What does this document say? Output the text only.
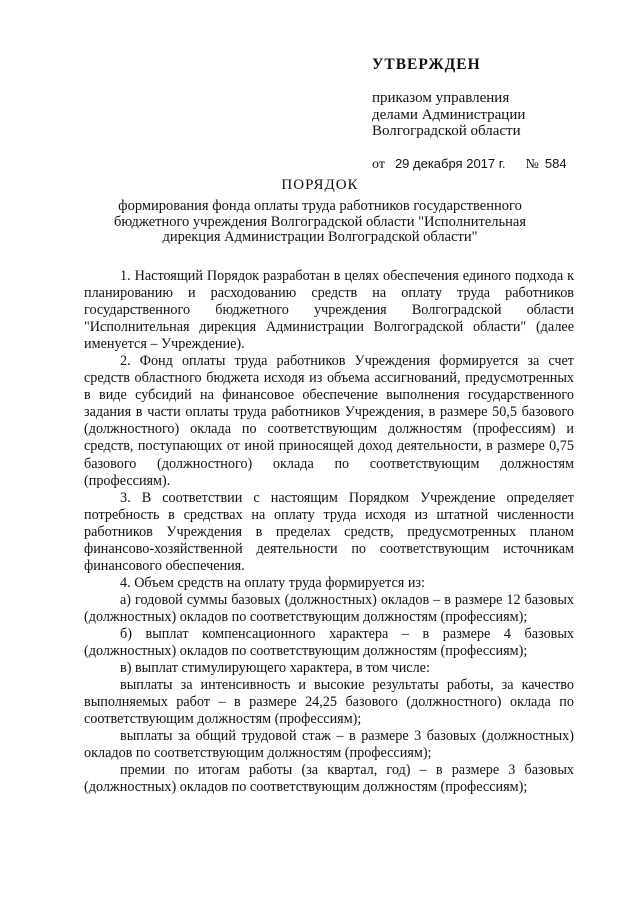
УТВЕРЖДЕН
приказом управления
делами Администрации
Волгоградской области
от 29 декабря 2017 г. № 584
ПОРЯДОК
формирования фонда оплаты труда работников государственного бюджетного учреждения Волгоградской области "Исполнительная дирекция Администрации Волгоградской области"

1. Настоящий Порядок разработан в целях обеспечения единого подхода к планированию и расходованию средств на оплату труда работников государственного бюджетного учреждения Волгоградской области "Исполнительная дирекция Администрации Волгоградской области" (далее именуется – Учреждение).

2. Фонд оплаты труда работников Учреждения формируется за счет средств областного бюджета исходя из объема ассигнований, предусмотренных в виде субсидий на финансовое обеспечение выполнения государственного задания в части оплаты труда работников Учреждения, в размере 50,5 базового (должностного) оклада по соответствующим должностям (профессиям) и средств, поступающих от иной приносящей доход деятельности, в размере 0,75 базового (должностного) оклада по соответствующим должностям (профессиям).

3. В соответствии с настоящим Порядком Учреждение определяет потребность в средствах на оплату труда исходя из штатной численности работников Учреждения в пределах средств, предусмотренных планом финансово-хозяйственной деятельности по соответствующим источникам финансового обеспечения.

4. Объем средств на оплату труда формируется из:

а) годовой суммы базовых (должностных) окладов – в размере 12 базовых (должностных) окладов по соответствующим должностям (профессиям);

б) выплат компенсационного характера – в размере 4 базовых (должностных) окладов по соответствующим должностям (профессиям);

в) выплат стимулирующего характера, в том числе:

выплаты за интенсивность и высокие результаты работы, за качество выполняемых работ – в размере 24,25 базового (должностного) оклада по соответствующим должностям (профессиям);

выплаты за общий трудовой стаж – в размере 3 базовых (должностных) окладов по соответствующим должностям (профессиям);

премии по итогам работы (за квартал, год) – в размере 3 базовых (должностных) окладов по соответствующим должностям (профессиям);
